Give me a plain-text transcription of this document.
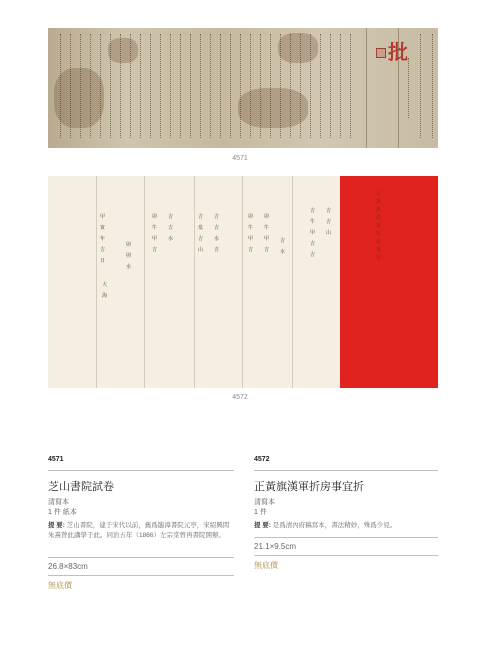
批
4571
甲寅年吉日
大海
卯卯水
卯牛甲吉
吉吉水
吉泉吉山
吉吉水吉
卯牛甲吉
卯牛甲吉
吉水
吉牛甲吉吉
吉吉山
正黃旗漢軍折房事宜
4572
4571
芝山書院試卷
清寫本
1 件 紙本
提 要: 芝山書院，建于宋代以前，舊爲臨漳書院元亭，宋紹興間朱熹曾此講學于此。同治五年（1866）左宗棠曾再書院開辦。
26.8×83cm
無底價
4572
正黃旗漢軍折房事宜折
清寫本
1 件
提 要: 是爲清內府稿寫本，書法精妙，殊爲少見。
21.1×9.5cm
無底價
